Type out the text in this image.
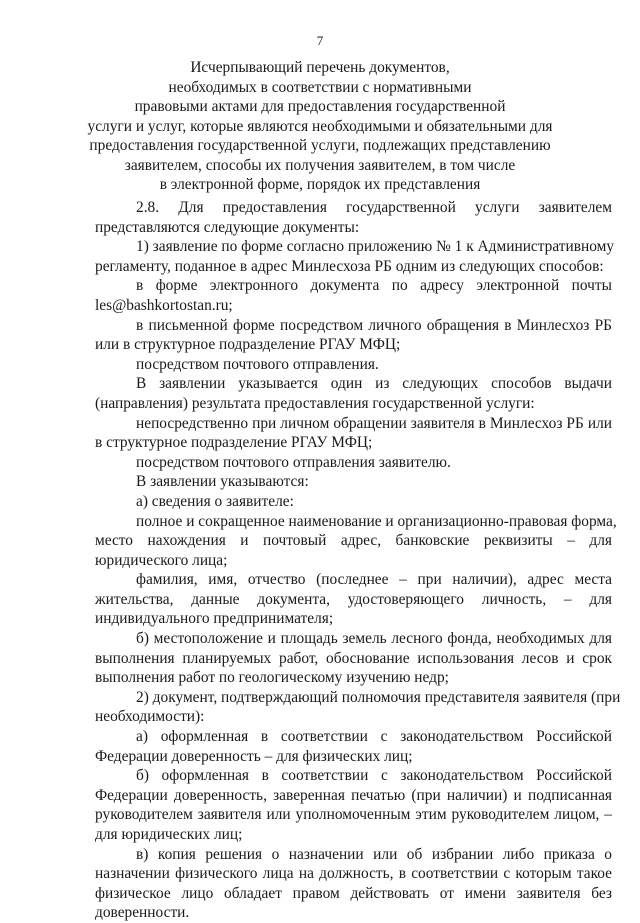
7
Исчерпывающий перечень документов,
необходимых в соответствии с нормативными
правовыми актами для предоставления государственной
услуги и услуг, которые являются необходимыми и обязательными для
предоставления государственной услуги, подлежащих представлению
заявителем, способы их получения заявителем, в том числе
в электронной форме, порядок их представления
2.8. Для предоставления государственной услуги заявителем
представляются следующие документы:
1) заявление по форме согласно приложению № 1 к Административному
регламенту, поданное в адрес Минлесхоза РБ одним из следующих способов:
в форме электронного документа по адресу электронной почты
les@bashkortostan.ru;
в письменной форме посредством личного обращения в Минлесхоз РБ
или в структурное подразделение РГАУ МФЦ;
посредством почтового отправления.
В заявлении указывается один из следующих способов выдачи
(направления) результата предоставления государственной услуги:
непосредственно при личном обращении заявителя в Минлесхоз РБ или
в структурное подразделение РГАУ МФЦ;
посредством почтового отправления заявителю.
В заявлении указываются:
а) сведения о заявителе:
полное и сокращенное наименование и организационно-правовая форма,
место нахождения и почтовый адрес, банковские реквизиты – для
юридического лица;
фамилия, имя, отчество (последнее – при наличии), адрес места
жительства, данные документа, удостоверяющего личность, – для
индивидуального предпринимателя;
б) местоположение и площадь земель лесного фонда, необходимых для
выполнения планируемых работ, обоснование использования лесов и срок
выполнения работ по геологическому изучению недр;
2) документ, подтверждающий полномочия представителя заявителя (при
необходимости):
а) оформленная в соответствии с законодательством Российской
Федерации доверенность – для физических лиц;
б) оформленная в соответствии с законодательством Российской
Федерации доверенность, заверенная печатью (при наличии) и подписанная
руководителем заявителя или уполномоченным этим руководителем лицом, –
для юридических лиц;
в) копия решения о назначении или об избрании либо приказа о
назначении физического лица на должность, в соответствии с которым такое
физическое лицо обладает правом действовать от имени заявителя без
доверенности.
